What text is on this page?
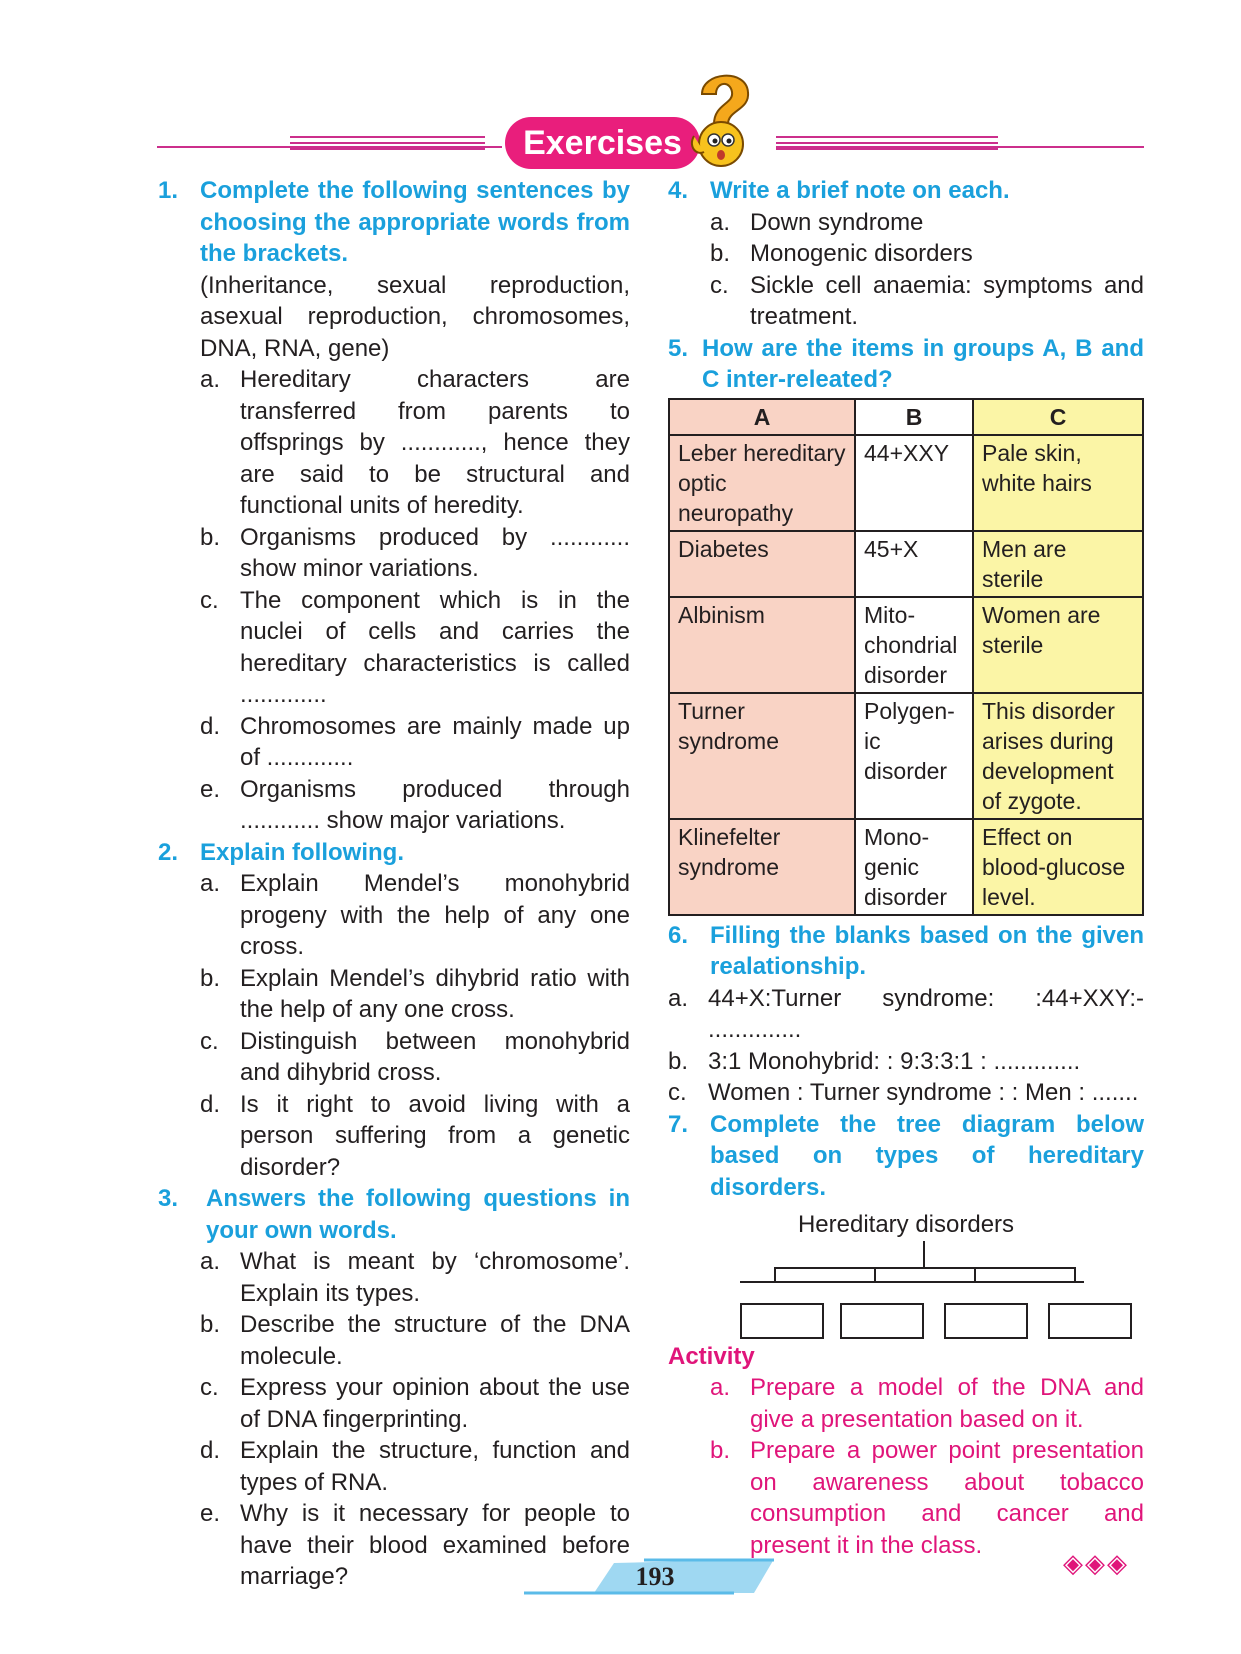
Exercises
1. Complete the following sentences by choosing the appropriate words from the brackets.
(Inheritance, sexual reproduction, asexual reproduction, chromosomes, DNA, RNA, gene)
a. Hereditary characters are transferred from parents to offsprings by ............, hence they are said to be structural and functional units of heredity.
b. Organisms produced by ............ show minor variations.
c. The component which is in the nuclei of cells and carries the hereditary characteristics is called .............
d. Chromosomes are mainly made up of .............
e. Organisms produced through ............ show major variations.
2. Explain following.
a. Explain Mendel’s monohybrid progeny with the help of any one cross.
b. Explain Mendel’s dihybrid ratio with the help of any one cross.
c. Distinguish between monohybrid and dihybrid cross.
d. Is it right to avoid living with a person suffering from a genetic disorder?
3.	Answers the following questions in your own words.
a. What is meant by ‘chromosome’. Explain its types.
b. Describe the structure of the DNA molecule.
c. Express your opinion about the use of DNA fingerprinting.
d. Explain the structure, function and types of RNA.
e. Why is it necessary for people to have their blood examined before marriage?
4. Write a brief note on each.
a. Down syndrome
b. Monogenic disorders
c. Sickle cell anaemia: symptoms and treatment.
5. How are the items in groups A, B and C inter-releated?
A	B	C
Leber hereditary optic neuropathy	44+XXY	Pale skin, white hairs
Diabetes	45+X	Men are sterile
Albinism	Mito-chondrial disorder	Women are sterile
Turner syndrome	Polygen-ic disorder	This disorder arises during development of zygote.
Klinefelter syndrome	Mono-genic disorder	Effect on blood-glucose level.
6. Filling the blanks based on the given realationship.
a. 44+X:Turner syndrome: :44+XXY:- ..............
b. 3:1 Monohybrid: : 9:3:3:1 : .............
c. Women : Turner syndrome : : Men : .......
7. Complete the tree diagram below based on types of hereditary disorders.
Hereditary disorders
Activity
a. Prepare a model of the DNA and give a presentation based on it.
b. Prepare a power point presentation on awareness about tobacco consumption and cancer and present it in the class.
193	◈◈◈
